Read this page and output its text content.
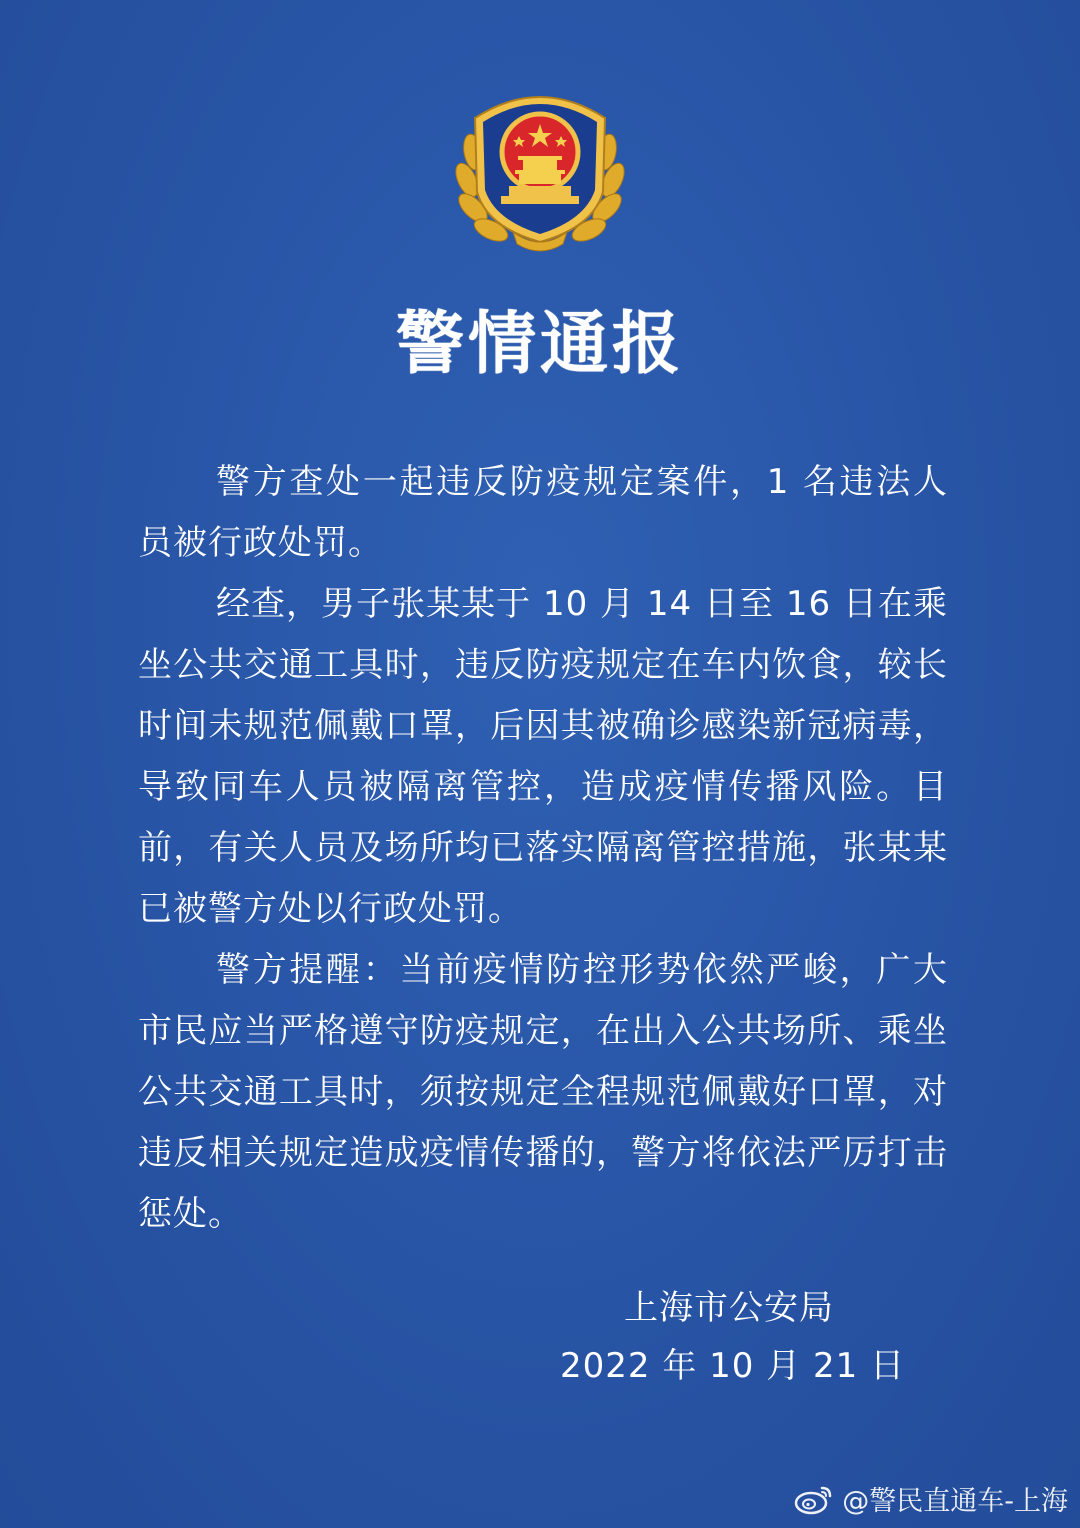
警情通报

警方查处一起违反防疫规定案件，1 名违法人员被行政处罚。

经查，男子张某某于 10 月 14 日至 16 日在乘坐公共交通工具时，违反防疫规定在车内饮食，较长时间未规范佩戴口罩，后因其被确诊感染新冠病毒，导致同车人员被隔离管控，造成疫情传播风险。目前，有关人员及场所均已落实隔离管控措施，张某某已被警方处以行政处罚。

警方提醒：当前疫情防控形势依然严峻，广大市民应当严格遵守防疫规定，在出入公共场所、乘坐公共交通工具时，须按规定全程规范佩戴好口罩，对违反相关规定造成疫情传播的，警方将依法严厉打击惩处。

上海市公安局
2022 年 10 月 21 日
@警民直通车-上海
